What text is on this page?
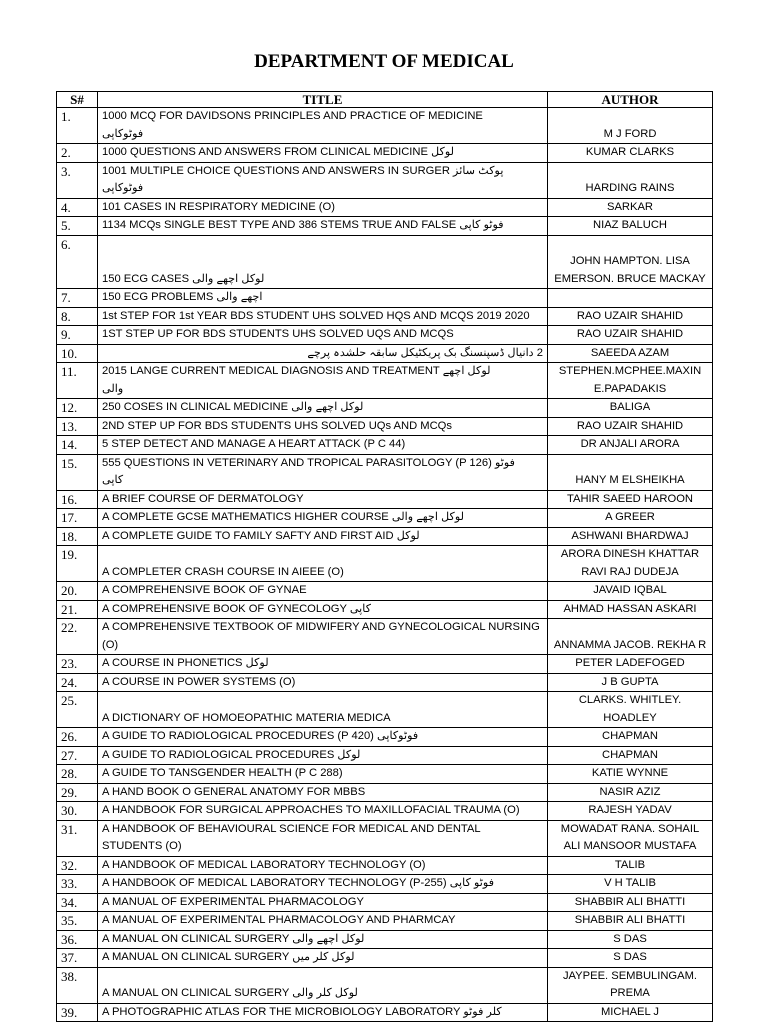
DEPARTMENT OF MEDICAL
S#	TITLE	AUTHOR
1.	1000 MCQ FOR DAVIDSONS PRINCIPLES AND PRACTICE OF MEDICINE
فوٹوکاپی	M J FORD
2.	1000 QUESTIONS AND ANSWERS FROM CLINICAL MEDICINE لوکل	KUMAR CLARKS
3.	1001 MULTIPLE CHOICE QUESTIONS AND ANSWERS IN SURGER پوکٹ سائز
فوٹوکاپی	HARDING RAINS
4.	101 CASES IN RESPIRATORY MEDICINE (O)	SARKAR
5.	1134 MCQs SINGLE BEST TYPE AND 386 STEMS TRUE AND FALSE فوٹو کاپی	NIAZ BALUCH
6.	150 ECG CASES لوکل اچھے والی	JOHN HAMPTON. LISA EMERSON. BRUCE MACKAY
7.	150 ECG PROBLEMS اچھے والی	

8.	1st STEP FOR 1st YEAR BDS STUDENT UHS SOLVED HQS AND MCQS 2019 2020	RAO UZAIR SHAHID
9.	1ST STEP UP FOR BDS STUDENTS UHS SOLVED UQS AND MCQS	RAO UZAIR SHAHID
10.	2 دانیال ڈسپنسنگ بک پریکٹیکل سابقہ حلشدہ پرچے	SAEEDA AZAM
11.	2015 LANGE CURRENT MEDICAL DIAGNOSIS AND TREATMENT لوکل اچھے
والی	STEPHEN.MCPHEE.MAXIN E.PAPADAKIS
12.	250 COSES IN CLINICAL MEDICINE لوکل اچھے والی	BALIGA
13.	2ND STEP UP FOR BDS STUDENTS UHS SOLVED UQs AND MCQs	RAO UZAIR SHAHID
14.	5 STEP DETECT AND MANAGE A HEART ATTACK (P C 44)	DR ANJALI ARORA
15.	555 QUESTIONS IN VETERINARY AND TROPICAL PARASITOLOGY (P 126) فوٹو
کاپی	HANY M ELSHEIKHA
16.	A BRIEF COURSE OF DERMATOLOGY	TAHIR SAEED HAROON
17.	A COMPLETE GCSE MATHEMATICS HIGHER COURSE لوکل اچھے والی	A GREER
18.	A COMPLETE GUIDE TO FAMILY SAFTY AND FIRST AID لوکل	ASHWANI BHARDWAJ
19.	A COMPLETER CRASH COURSE IN AIEEE (O)	ARORA DINESH KHATTAR RAVI RAJ DUDEJA
20.	A COMPREHENSIVE BOOK OF GYNAE	JAVAID IQBAL
21.	A COMPREHENSIVE BOOK OF GYNECOLOGY کاپی	AHMAD HASSAN ASKARI
22.	A COMPREHENSIVE TEXTBOOK OF MIDWIFERY AND GYNECOLOGICAL NURSING (O)	ANNAMMA JACOB. REKHA R
23.	A COURSE IN PHONETICS لوکل	PETER LADEFOGED
24.	A COURSE IN POWER SYSTEMS (O)	J B GUPTA
25.	A DICTIONARY OF HOMOEOPATHIC MATERIA MEDICA	CLARKS. WHITLEY. HOADLEY
26.	A GUIDE TO RADIOLOGICAL PROCEDURES (P 420) فوٹوکاپی	CHAPMAN
27.	A GUIDE TO RADIOLOGICAL PROCEDURES لوکل	CHAPMAN
28.	A GUIDE TO TANSGENDER HEALTH (P C 288)	KATIE WYNNE
29.	A HAND BOOK O GENERAL ANATOMY FOR MBBS	NASIR AZIZ
30.	A HANDBOOK FOR SURGICAL APPROACHES TO MAXILLOFACIAL TRAUMA (O)	RAJESH YADAV
31.	A HANDBOOK OF BEHAVIOURAL SCIENCE FOR MEDICAL AND DENTAL STUDENTS (O)	MOWADAT RANA. SOHAIL ALI MANSOOR MUSTAFA
32.	A HANDBOOK OF MEDICAL LABORATORY TECHNOLOGY (O)	TALIB
33.	A HANDBOOK OF MEDICAL LABORATORY TECHNOLOGY (P-255) فوٹو کاپی	V H TALIB
34.	A MANUAL OF EXPERIMENTAL PHARMACOLOGY	SHABBIR ALI BHATTI
35.	A MANUAL OF EXPERIMENTAL PHARMACOLOGY AND PHARMCAY	SHABBIR ALI BHATTI
36.	A MANUAL ON CLINICAL SURGERY لوکل اچھے والی	S DAS
37.	A MANUAL ON CLINICAL SURGERY لوکل کلر میں	S DAS
38.	A MANUAL ON CLINICAL SURGERY لوکل کلر والی	JAYPEE. SEMBULINGAM. PREMA
39.	A PHOTOGRAPHIC ATLAS FOR THE MICROBIOLOGY LABORATORY کلر فوٹو	MICHAEL J
